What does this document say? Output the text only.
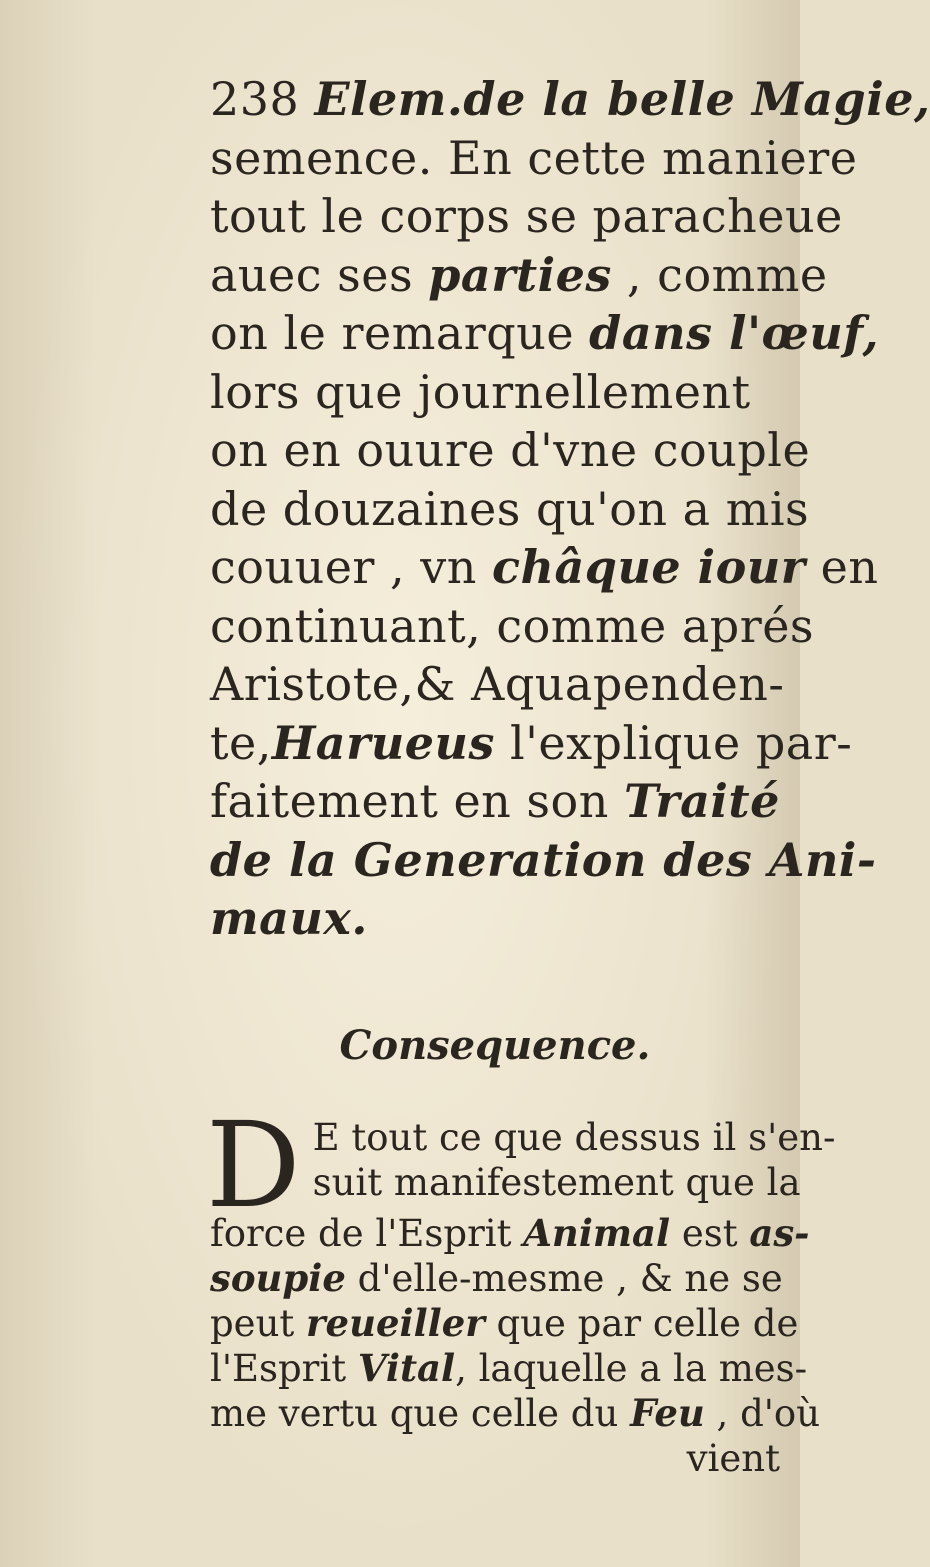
238 Elem.de la belle Magie,
semence. En cette maniere
tout le corps se paracheue
auec ses parties , comme
on le remarque dans l'œuf,
lors que journellement
on en ouure d'vne couple
de douzaines qu'on a mis
couuer , vn châque iour en
continuant, comme aprés
Aristote,& Aquapenden-
te,Harueus l'explique par-
faitement en son Traité
de la Generation des Ani-
maux.
Consequence.
D E tout ce que dessus il s'en-
suit manifestement que la
force de l'Esprit Animal est as-
soupie d'elle-mesme , & ne se
peut reueiller que par celle de
l'Esprit Vital, laquelle a la mes-
me vertu que celle du Feu , d'où
vient
